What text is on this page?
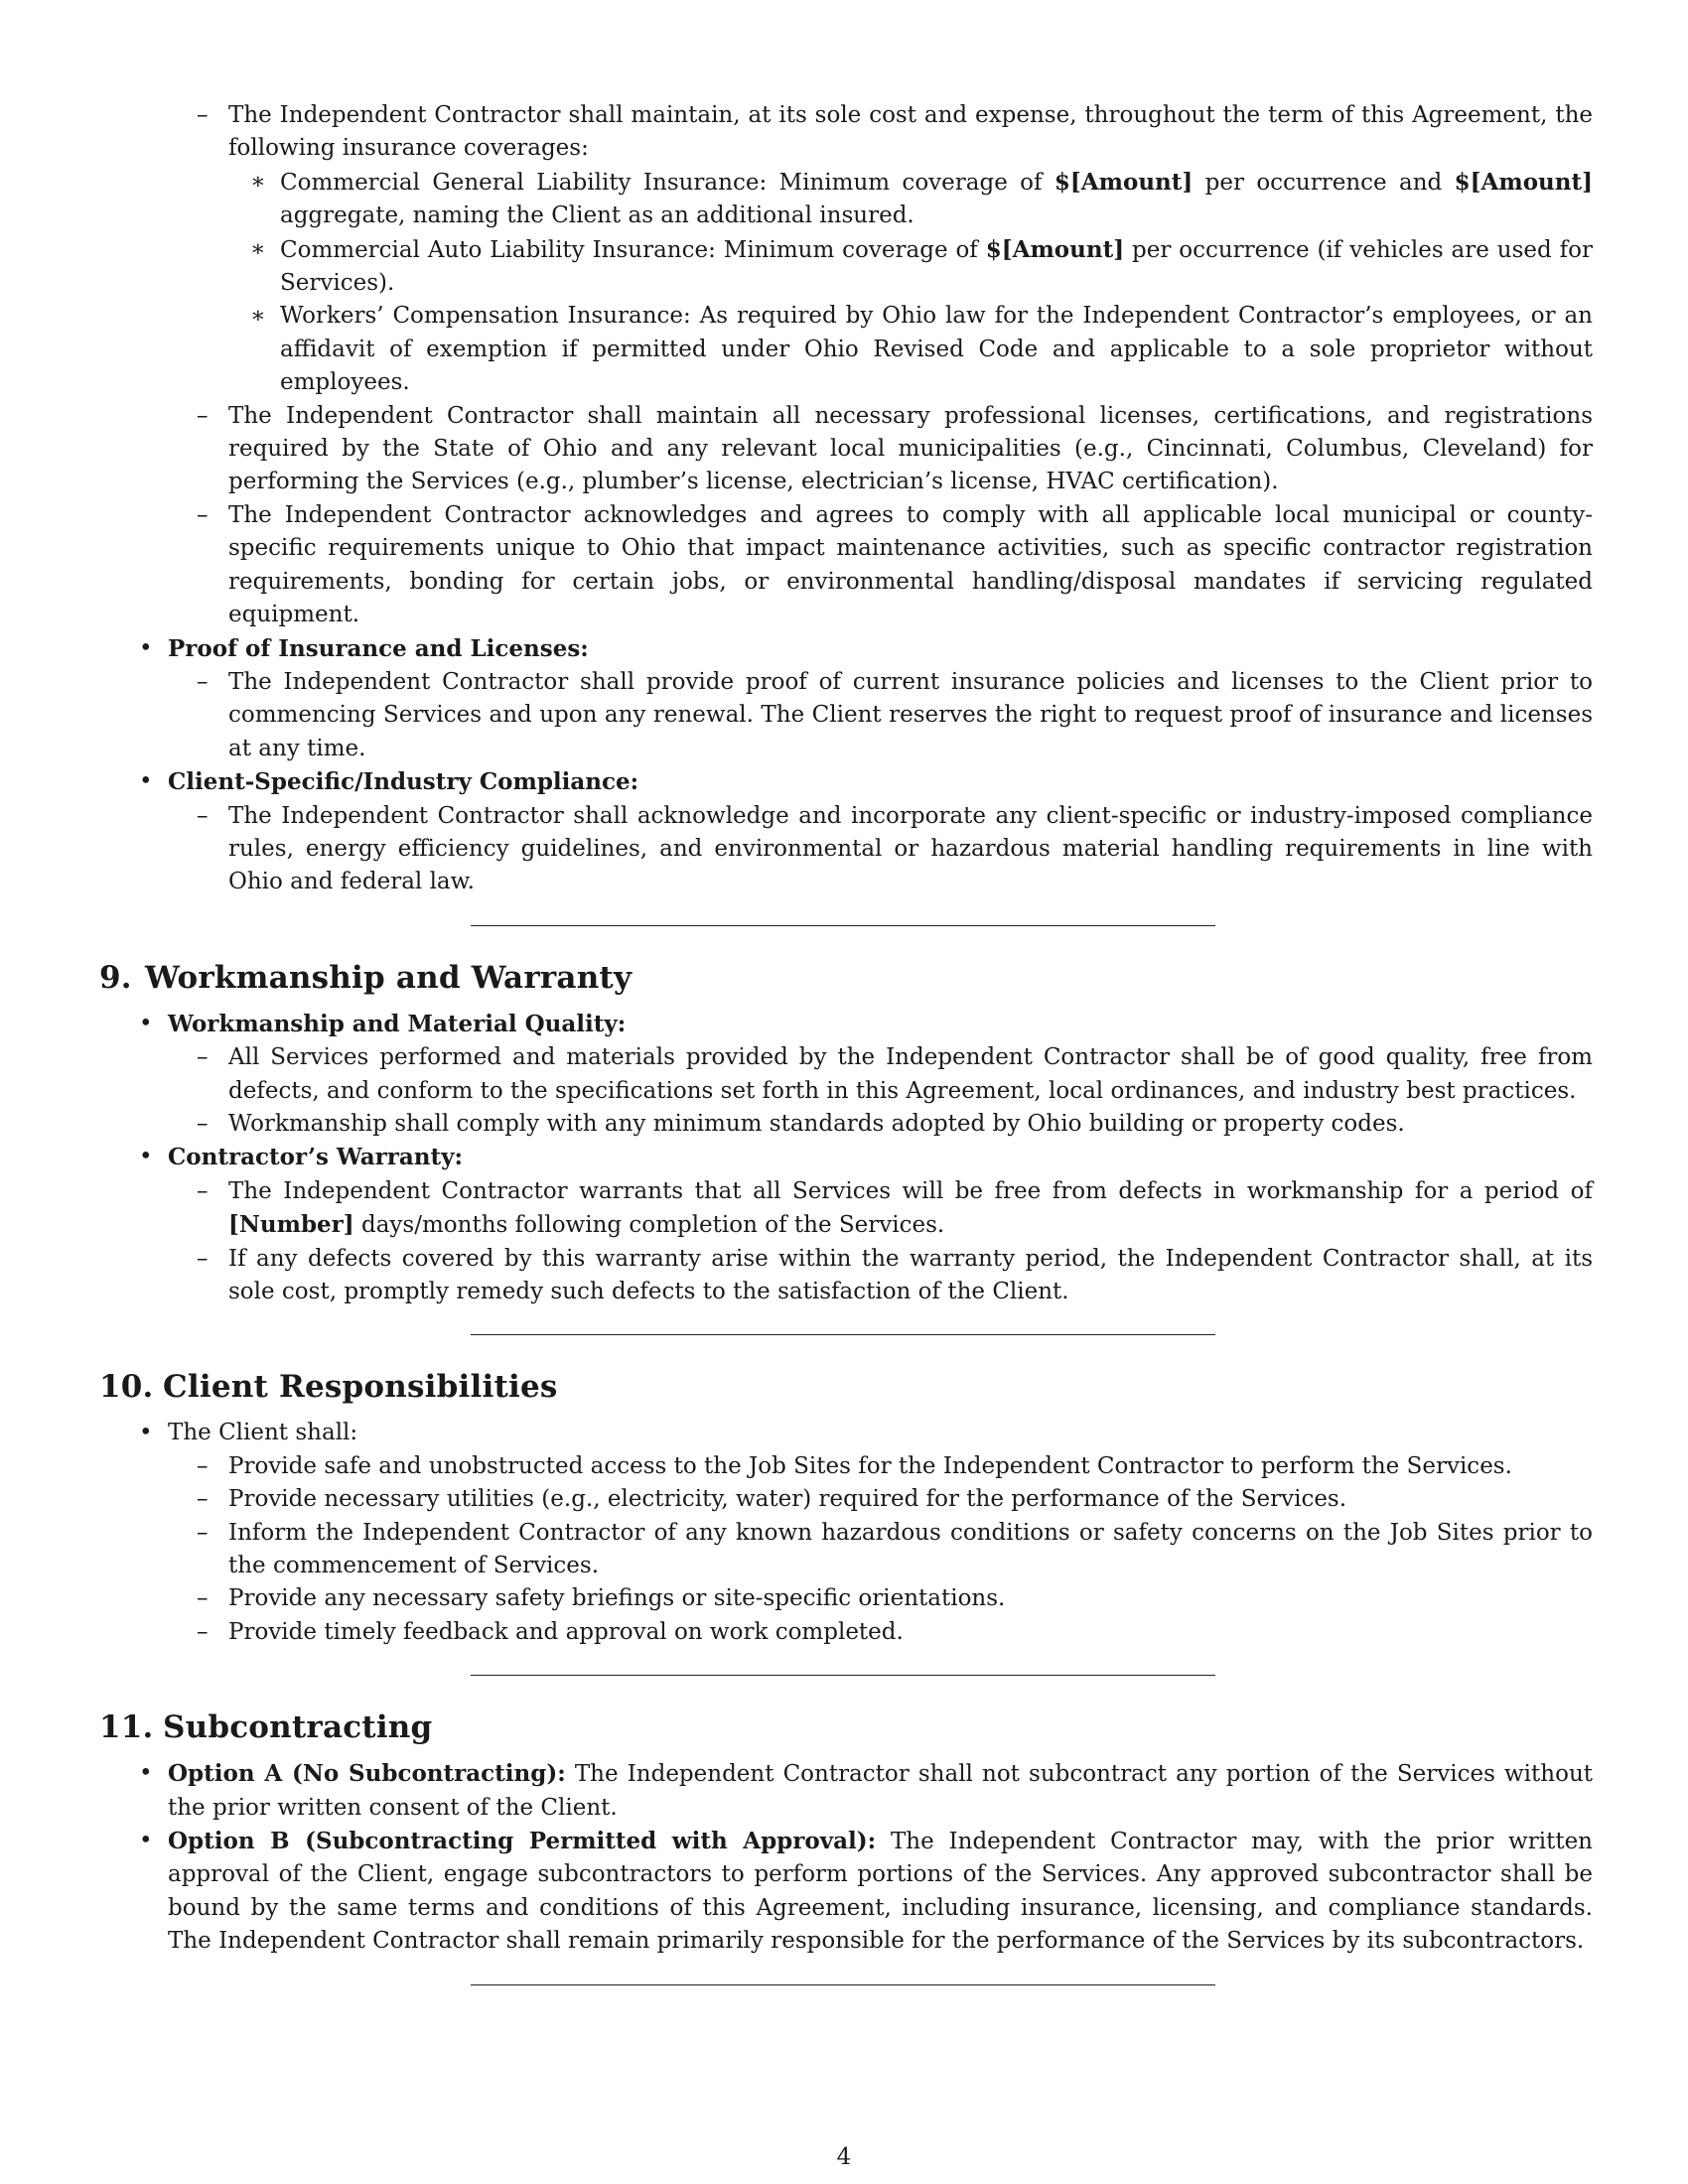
– The Independent Contractor shall maintain, at its sole cost and expense, throughout the term of this Agreement, the following insurance coverages:
∗ Commercial General Liability Insurance: Minimum coverage of $[Amount] per occurrence and $[Amount] aggregate, naming the Client as an additional insured.
∗ Commercial Auto Liability Insurance: Minimum coverage of $[Amount] per occurrence (if vehicles are used for Services).
∗ Workers’ Compensation Insurance: As required by Ohio law for the Independent Contractor’s employees, or an affidavit of exemption if permitted under Ohio Revised Code and applicable to a sole proprietor without employees.
– The Independent Contractor shall maintain all necessary professional licenses, certifications, and registrations required by the State of Ohio and any relevant local municipalities (e.g., Cincinnati, Columbus, Cleveland) for performing the Services (e.g., plumber’s license, electrician’s license, HVAC certification).
– The Independent Contractor acknowledges and agrees to comply with all applicable local municipal or county-specific requirements unique to Ohio that impact maintenance activities, such as specific contractor registration requirements, bonding for certain jobs, or environmental handling/disposal mandates if servicing regulated equipment.
• Proof of Insurance and Licenses:
– The Independent Contractor shall provide proof of current insurance policies and licenses to the Client prior to commencing Services and upon any renewal. The Client reserves the right to request proof of insurance and licenses at any time.
• Client-Specific/Industry Compliance:
– The Independent Contractor shall acknowledge and incorporate any client-specific or industry-imposed compliance rules, energy efficiency guidelines, and environmental or hazardous material handling requirements in line with Ohio and federal law.
9. Workmanship and Warranty
• Workmanship and Material Quality:
– All Services performed and materials provided by the Independent Contractor shall be of good quality, free from defects, and conform to the specifications set forth in this Agreement, local ordinances, and industry best practices.
– Workmanship shall comply with any minimum standards adopted by Ohio building or property codes.
• Contractor’s Warranty:
– The Independent Contractor warrants that all Services will be free from defects in workmanship for a period of [Number] days/months following completion of the Services.
– If any defects covered by this warranty arise within the warranty period, the Independent Contractor shall, at its sole cost, promptly remedy such defects to the satisfaction of the Client.
10. Client Responsibilities
• The Client shall:
– Provide safe and unobstructed access to the Job Sites for the Independent Contractor to perform the Services.
– Provide necessary utilities (e.g., electricity, water) required for the performance of the Services.
– Inform the Independent Contractor of any known hazardous conditions or safety concerns on the Job Sites prior to the commencement of Services.
– Provide any necessary safety briefings or site-specific orientations.
– Provide timely feedback and approval on work completed.
11. Subcontracting
• Option A (No Subcontracting): The Independent Contractor shall not subcontract any portion of the Services without the prior written consent of the Client.
• Option B (Subcontracting Permitted with Approval): The Independent Contractor may, with the prior written approval of the Client, engage subcontractors to perform portions of the Services. Any approved subcontractor shall be bound by the same terms and conditions of this Agreement, including insurance, licensing, and compliance standards. The Independent Contractor shall remain primarily responsible for the performance of the Services by its subcontractors.
4
